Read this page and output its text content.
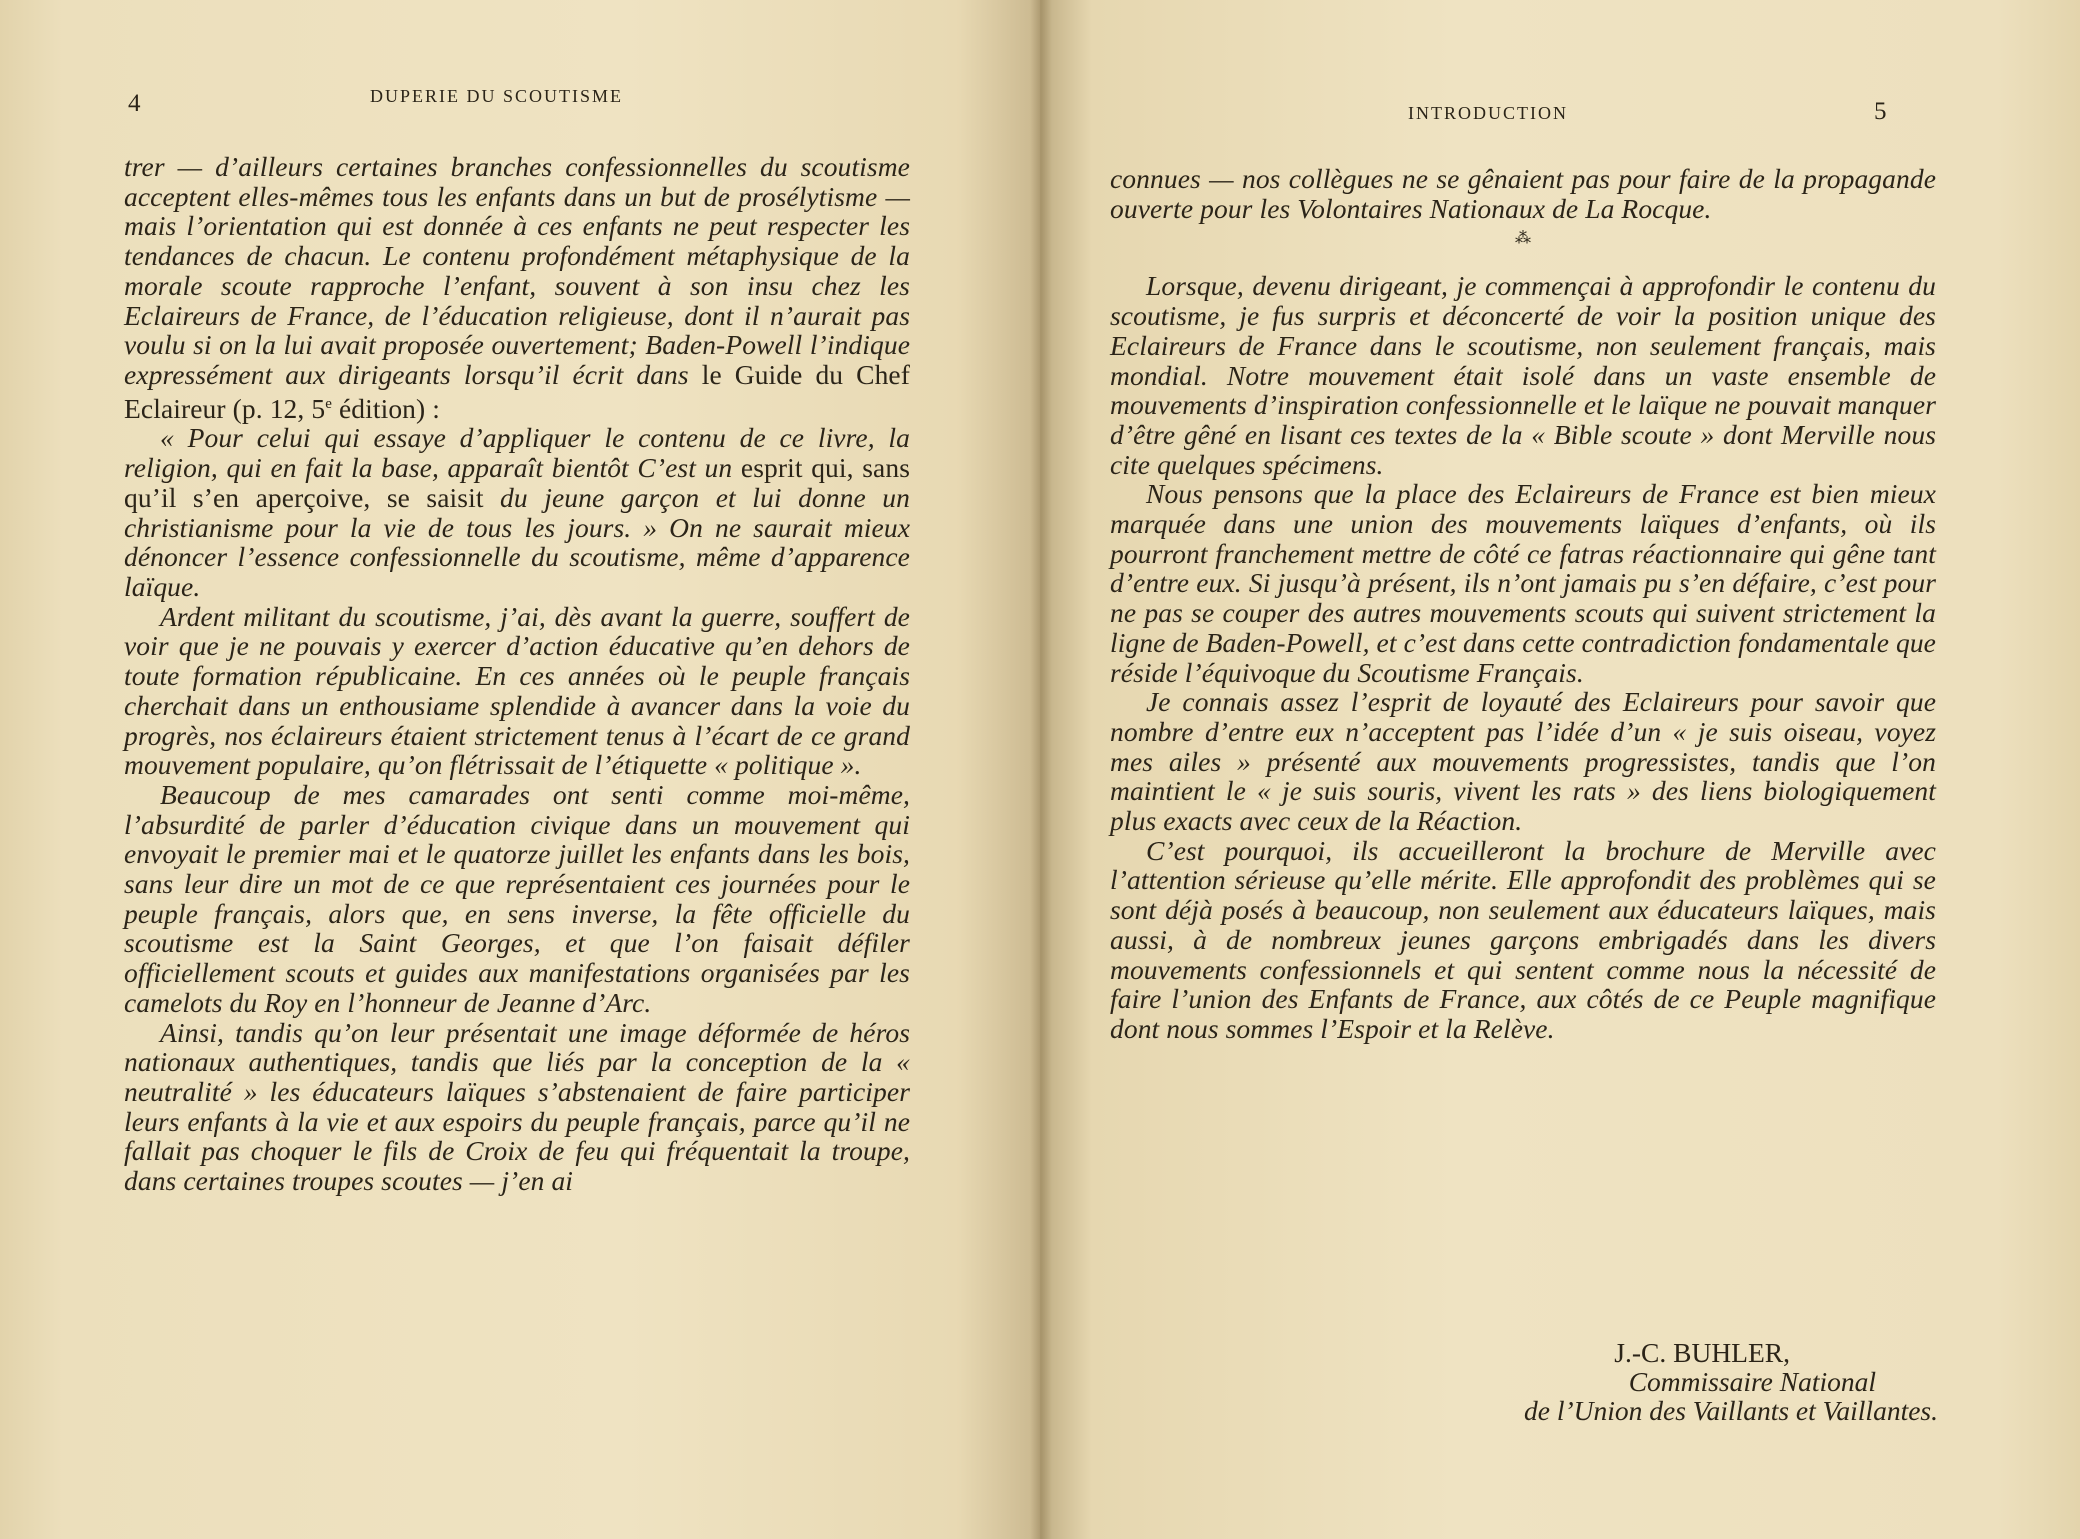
4	DUPERIE DU SCOUTISME

trer — d’ailleurs certaines branches confessionnelles du scoutisme acceptent elles-mêmes tous les enfants dans un but de prosélytisme — mais l’orientation qui est donnée à ces enfants ne peut respecter les tendances de chacun. Le contenu profondément métaphysique de la morale scoute rapproche l’enfant, souvent à son insu chez les Eclaireurs de France, de l’éducation religieuse, dont il n’aurait pas voulu si on la lui avait proposée ouvertement; Baden-Powell l’indique expressément aux dirigeants lorsqu’il écrit dans le Guide du Chef Eclaireur (p. 12, 5e édition) :

« Pour celui qui essaye d’appliquer le contenu de ce livre, la religion, qui en fait la base, apparaît bientôt C’est un esprit qui, sans qu’il s’en aperçoive, se saisit du jeune garçon et lui donne un christianisme pour la vie de tous les jours. » On ne saurait mieux dénoncer l’essence confessionnelle du scoutisme, même d’apparence laïque.

Ardent militant du scoutisme, j’ai, dès avant la guerre, souffert de voir que je ne pouvais y exercer d’action éducative qu’en dehors de toute formation républicaine. En ces années où le peuple français cherchait dans un enthousiame splendide à avancer dans la voie du progrès, nos éclaireurs étaient strictement tenus à l’écart de ce grand mouvement populaire, qu’on flétrissait de l’étiquette « politique ».

Beaucoup de mes camarades ont senti comme moi-même, l’absurdité de parler d’éducation civique dans un mouvement qui envoyait le premier mai et le quatorze juillet les enfants dans les bois, sans leur dire un mot de ce que représentaient ces journées pour le peuple français, alors que, en sens inverse, la fête officielle du scoutisme est la Saint Georges, et que l’on faisait défiler officiellement scouts et guides aux manifestations organisées par les camelots du Roy en l’honneur de Jeanne d’Arc.

Ainsi, tandis qu’on leur présentait une image déformée de héros nationaux authentiques, tandis que liés par la conception de la « neutralité » les éducateurs laïques s’abstenaient de faire participer leurs enfants à la vie et aux espoirs du peuple français, parce qu’il ne fallait pas choquer le fils de Croix de feu qui fréquentait la troupe, dans certaines troupes scoutes — j’en ai

INTRODUCTION	5

connues — nos collègues ne se gênaient pas pour faire de la propagande ouverte pour les Volontaires Nationaux de La Rocque.

⁂

Lorsque, devenu dirigeant, je commençai à approfondir le contenu du scoutisme, je fus surpris et déconcerté de voir la position unique des Eclaireurs de France dans le scoutisme, non seulement français, mais mondial. Notre mouvement était isolé dans un vaste ensemble de mouvements d’inspiration confessionnelle et le laïque ne pouvait manquer d’être gêné en lisant ces textes de la « Bible scoute » dont Merville nous cite quelques spécimens.

Nous pensons que la place des Eclaireurs de France est bien mieux marquée dans une union des mouvements laïques d’enfants, où ils pourront franchement mettre de côté ce fatras réactionnaire qui gêne tant d’entre eux. Si jusqu’à présent, ils n’ont jamais pu s’en défaire, c’est pour ne pas se couper des autres mouvements scouts qui suivent strictement la ligne de Baden-Powell, et c’est dans cette contradiction fondamentale que réside l’équivoque du Scoutisme Français.

Je connais assez l’esprit de loyauté des Eclaireurs pour savoir que nombre d’entre eux n’acceptent pas l’idée d’un « je suis oiseau, voyez mes ailes » présenté aux mouvements progressistes, tandis que l’on maintient le « je suis souris, vivent les rats » des liens biologiquement plus exacts avec ceux de la Réaction.

C’est pourquoi, ils accueilleront la brochure de Merville avec l’attention sérieuse qu’elle mérite. Elle approfondit des problèmes qui se sont déjà posés à beaucoup, non seulement aux éducateurs laïques, mais aussi, à de nombreux jeunes garçons embrigadés dans les divers mouvements confessionnels et qui sentent comme nous la nécessité de faire l’union des Enfants de France, aux côtés de ce Peuple magnifique dont nous sommes l’Espoir et la Relève.

J.-C. BUHLER,
Commissaire National
de l’Union des Vaillants et Vaillantes.
